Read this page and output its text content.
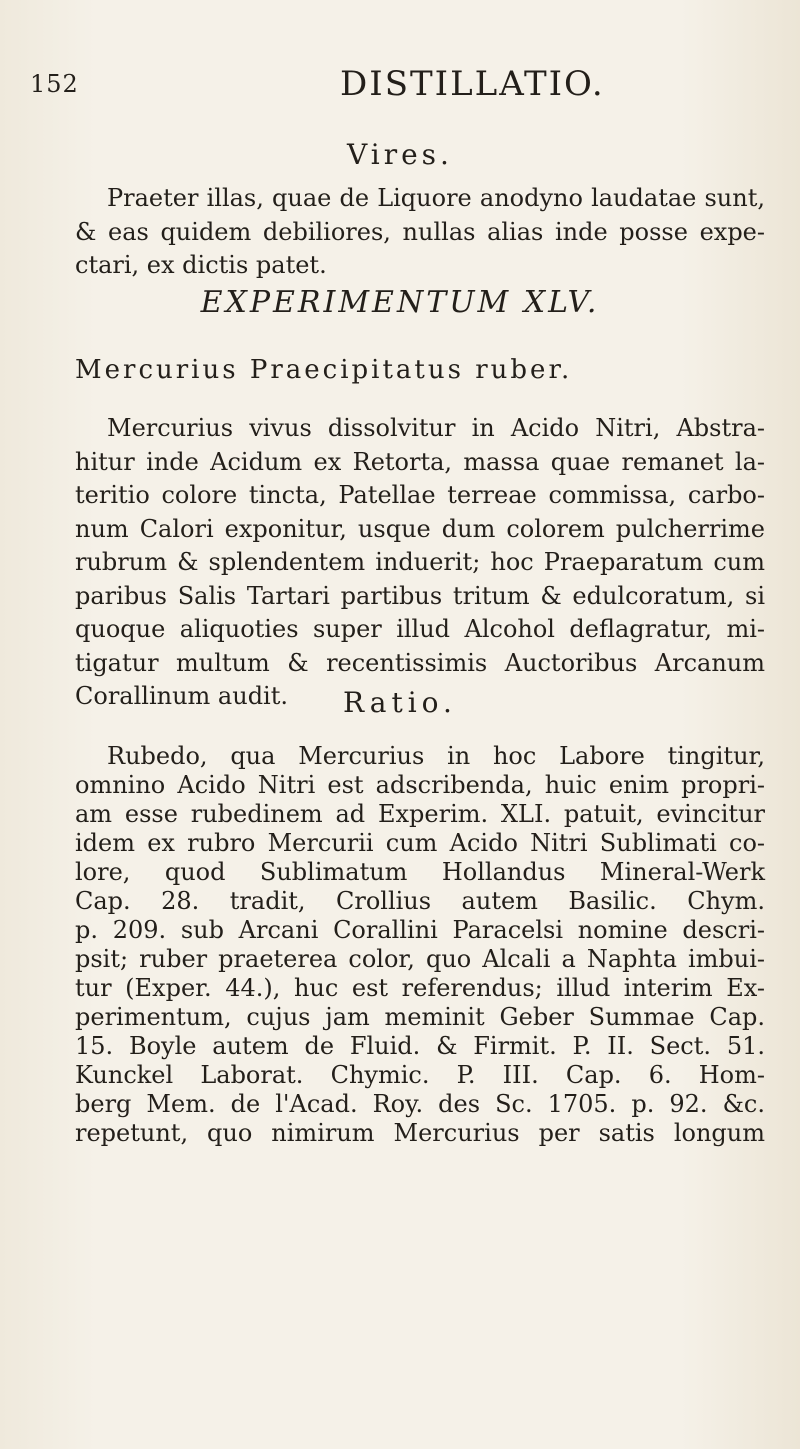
152	DISTILLATIO.
Vires.
Praeter illas, quae de Liquore anodyno laudatae sunt,
& eas quidem debiliores, nullas alias inde posse expe-
ctari, ex dictis patet.
EXPERIMENTUM XLV.
Mercurius Praecipitatus ruber.
Mercurius vivus dissolvitur in Acido Nitri, Abstra-
hitur inde Acidum ex Retorta, massa quae remanet la-
teritio colore tincta, Patellae terreae commissa, carbo-
num Calori exponitur, usque dum colorem pulcherrime
rubrum & splendentem induerit; hoc Praeparatum cum
paribus Salis Tartari partibus tritum & edulcoratum, si
quoque aliquoties super illud Alcohol deflagratur, mi-
tigatur multum & recentissimis Auctoribus Arcanum
Corallinum audit.	Ratio.
Rubedo, qua Mercurius in hoc Labore tingitur,
omnino Acido Nitri est adscribenda, huic enim propri-
am esse rubedinem ad Experim. XLI. patuit, evincitur
idem ex rubro Mercurii cum Acido Nitri Sublimati co-
lore, quod Sublimatum Hollandus Mineral-Werk
Cap. 28. tradit, Crollius autem Basilic. Chym.
p. 209. sub Arcani Corallini Paracelsi nomine descri-
psit; ruber praeterea color, quo Alcali a Naphta imbui-
tur (Exper. 44.), huc est referendus; illud interim Ex-
perimentum, cujus jam meminit Geber Summae Cap.
15. Boyle autem de Fluid. & Firmit. P. II. Sect. 51.
Kunckel Laborat. Chymic. P. III. Cap. 6. Hom-
berg Mem. de l'Acad. Roy. des Sc. 1705. p. 92. &c.
repetunt, quo nimirum Mercurius per satis longum
